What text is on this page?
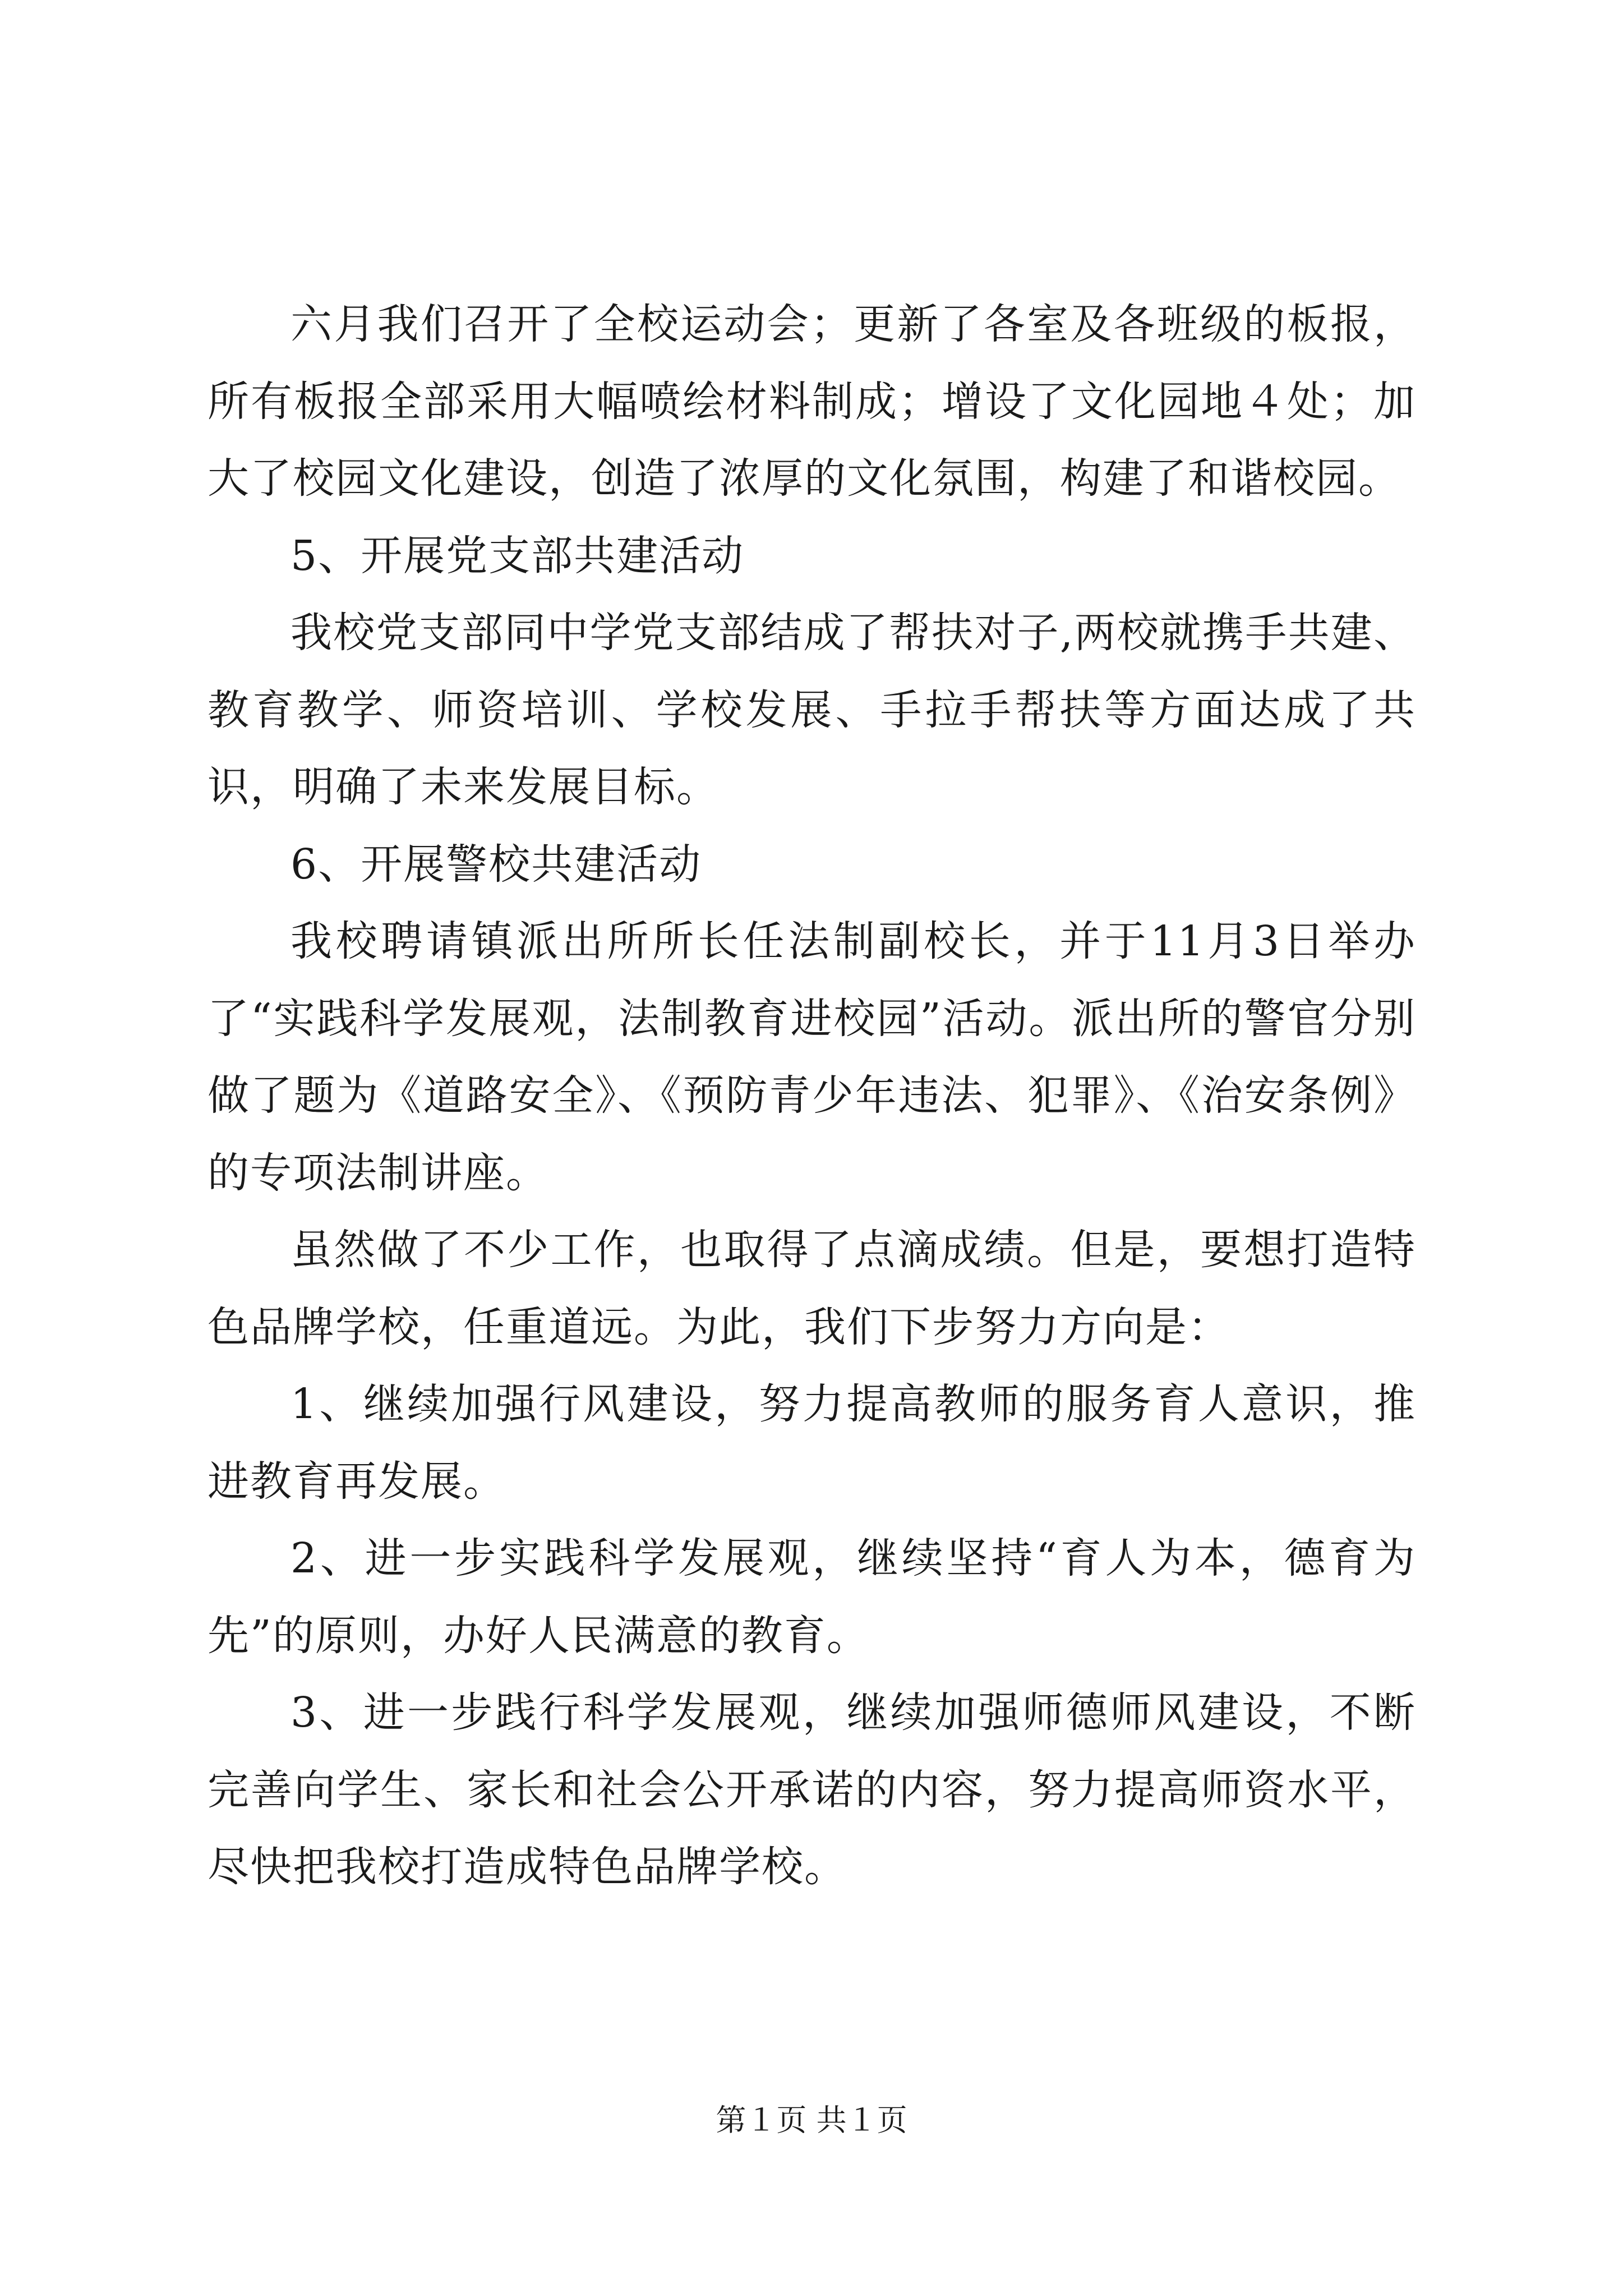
六月我们召开了全校运动会；更新了各室及各班级的板报，所有板报全部采用大幅喷绘材料制成；增设了文化园地４处；加大了校园文化建设，创造了浓厚的文化氛围，构建了和谐校园。

5、开展党支部共建活动

我校党支部同中学党支部结成了帮扶对子,两校就携手共建、教育教学、师资培训、学校发展、手拉手帮扶等方面达成了共识，明确了未来发展目标。

6、开展警校共建活动

我校聘请镇派出所所长任法制副校长，并于11月3日举办了“实践科学发展观，法制教育进校园”活动。派出所的警官分别做了题为《道路安全》、《预防青少年违法、犯罪》、《治安条例》的专项法制讲座。

虽然做了不少工作，也取得了点滴成绩。但是，要想打造特色品牌学校，任重道远。为此，我们下步努力方向是：

1、继续加强行风建设，努力提高教师的服务育人意识，推进教育再发展。

2、进一步实践科学发展观，继续坚持“育人为本，德育为先”的原则，办好人民满意的教育。

3、进一步践行科学发展观，继续加强师德师风建设，不断完善向学生、家长和社会公开承诺的内容，努力提高师资水平，尽快把我校打造成特色品牌学校。

第１页 共１页
